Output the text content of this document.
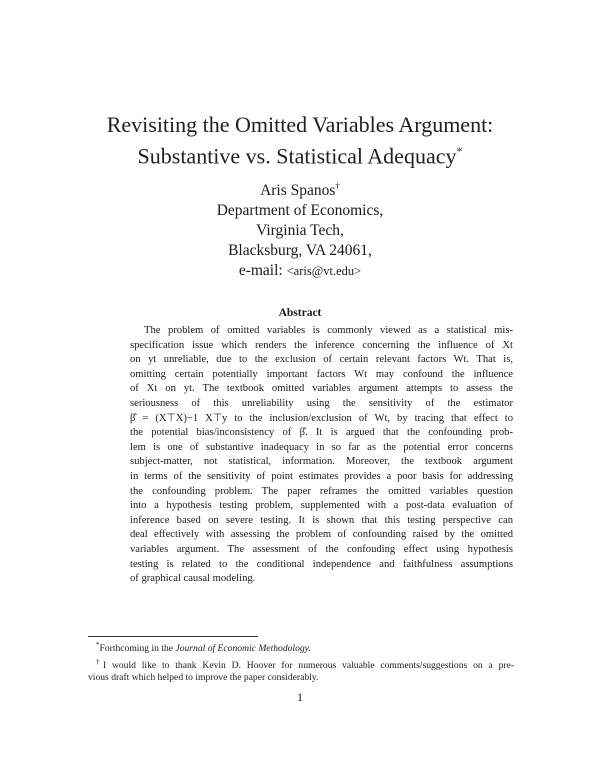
Revisiting the Omitted Variables Argument:
Substantive vs. Statistical Adequacy*
Aris Spanos†
Department of Economics,
Virginia Tech,
Blacksburg, VA 24061,
e-mail: <aris@vt.edu>
Abstract
The problem of omitted variables is commonly viewed as a statistical mis-
specification issue which renders the inference concerning the influence of Xt
on yt unreliable, due to the exclusion of certain relevant factors Wt. That is,
omitting certain potentially important factors Wt may confound the influence
of Xt on yt. The textbook omitted variables argument attempts to assess the
seriousness of this unreliability using the sensitivity of the estimator
β̂ = (X⊤X)−1 X⊤y to the inclusion/exclusion of Wt, by tracing that effect to
the potential bias/inconsistency of β̂. It is argued that the confounding prob-
lem is one of substantive inadequacy in so far as the potential error concerns
subject-matter, not statistical, information. Moreover, the textbook argument
in terms of the sensitivity of point estimates provides a poor basis for addressing
the confounding problem. The paper reframes the omitted variables question
into a hypothesis testing problem, supplemented with a post-data evaluation of
inference based on severe testing. It is shown that this testing perspective can
deal effectively with assessing the problem of confounding raised by the omitted
variables argument. The assessment of the confouding effect using hypothesis
testing is related to the conditional independence and faithfulness assumptions
of graphical causal modeling.
*Forthcoming in the Journal of Economic Methodology.
†I would like to thank Kevin D. Hoover for numerous valuable comments/suggestions on a pre-
vious draft which helped to improve the paper considerably.
1
